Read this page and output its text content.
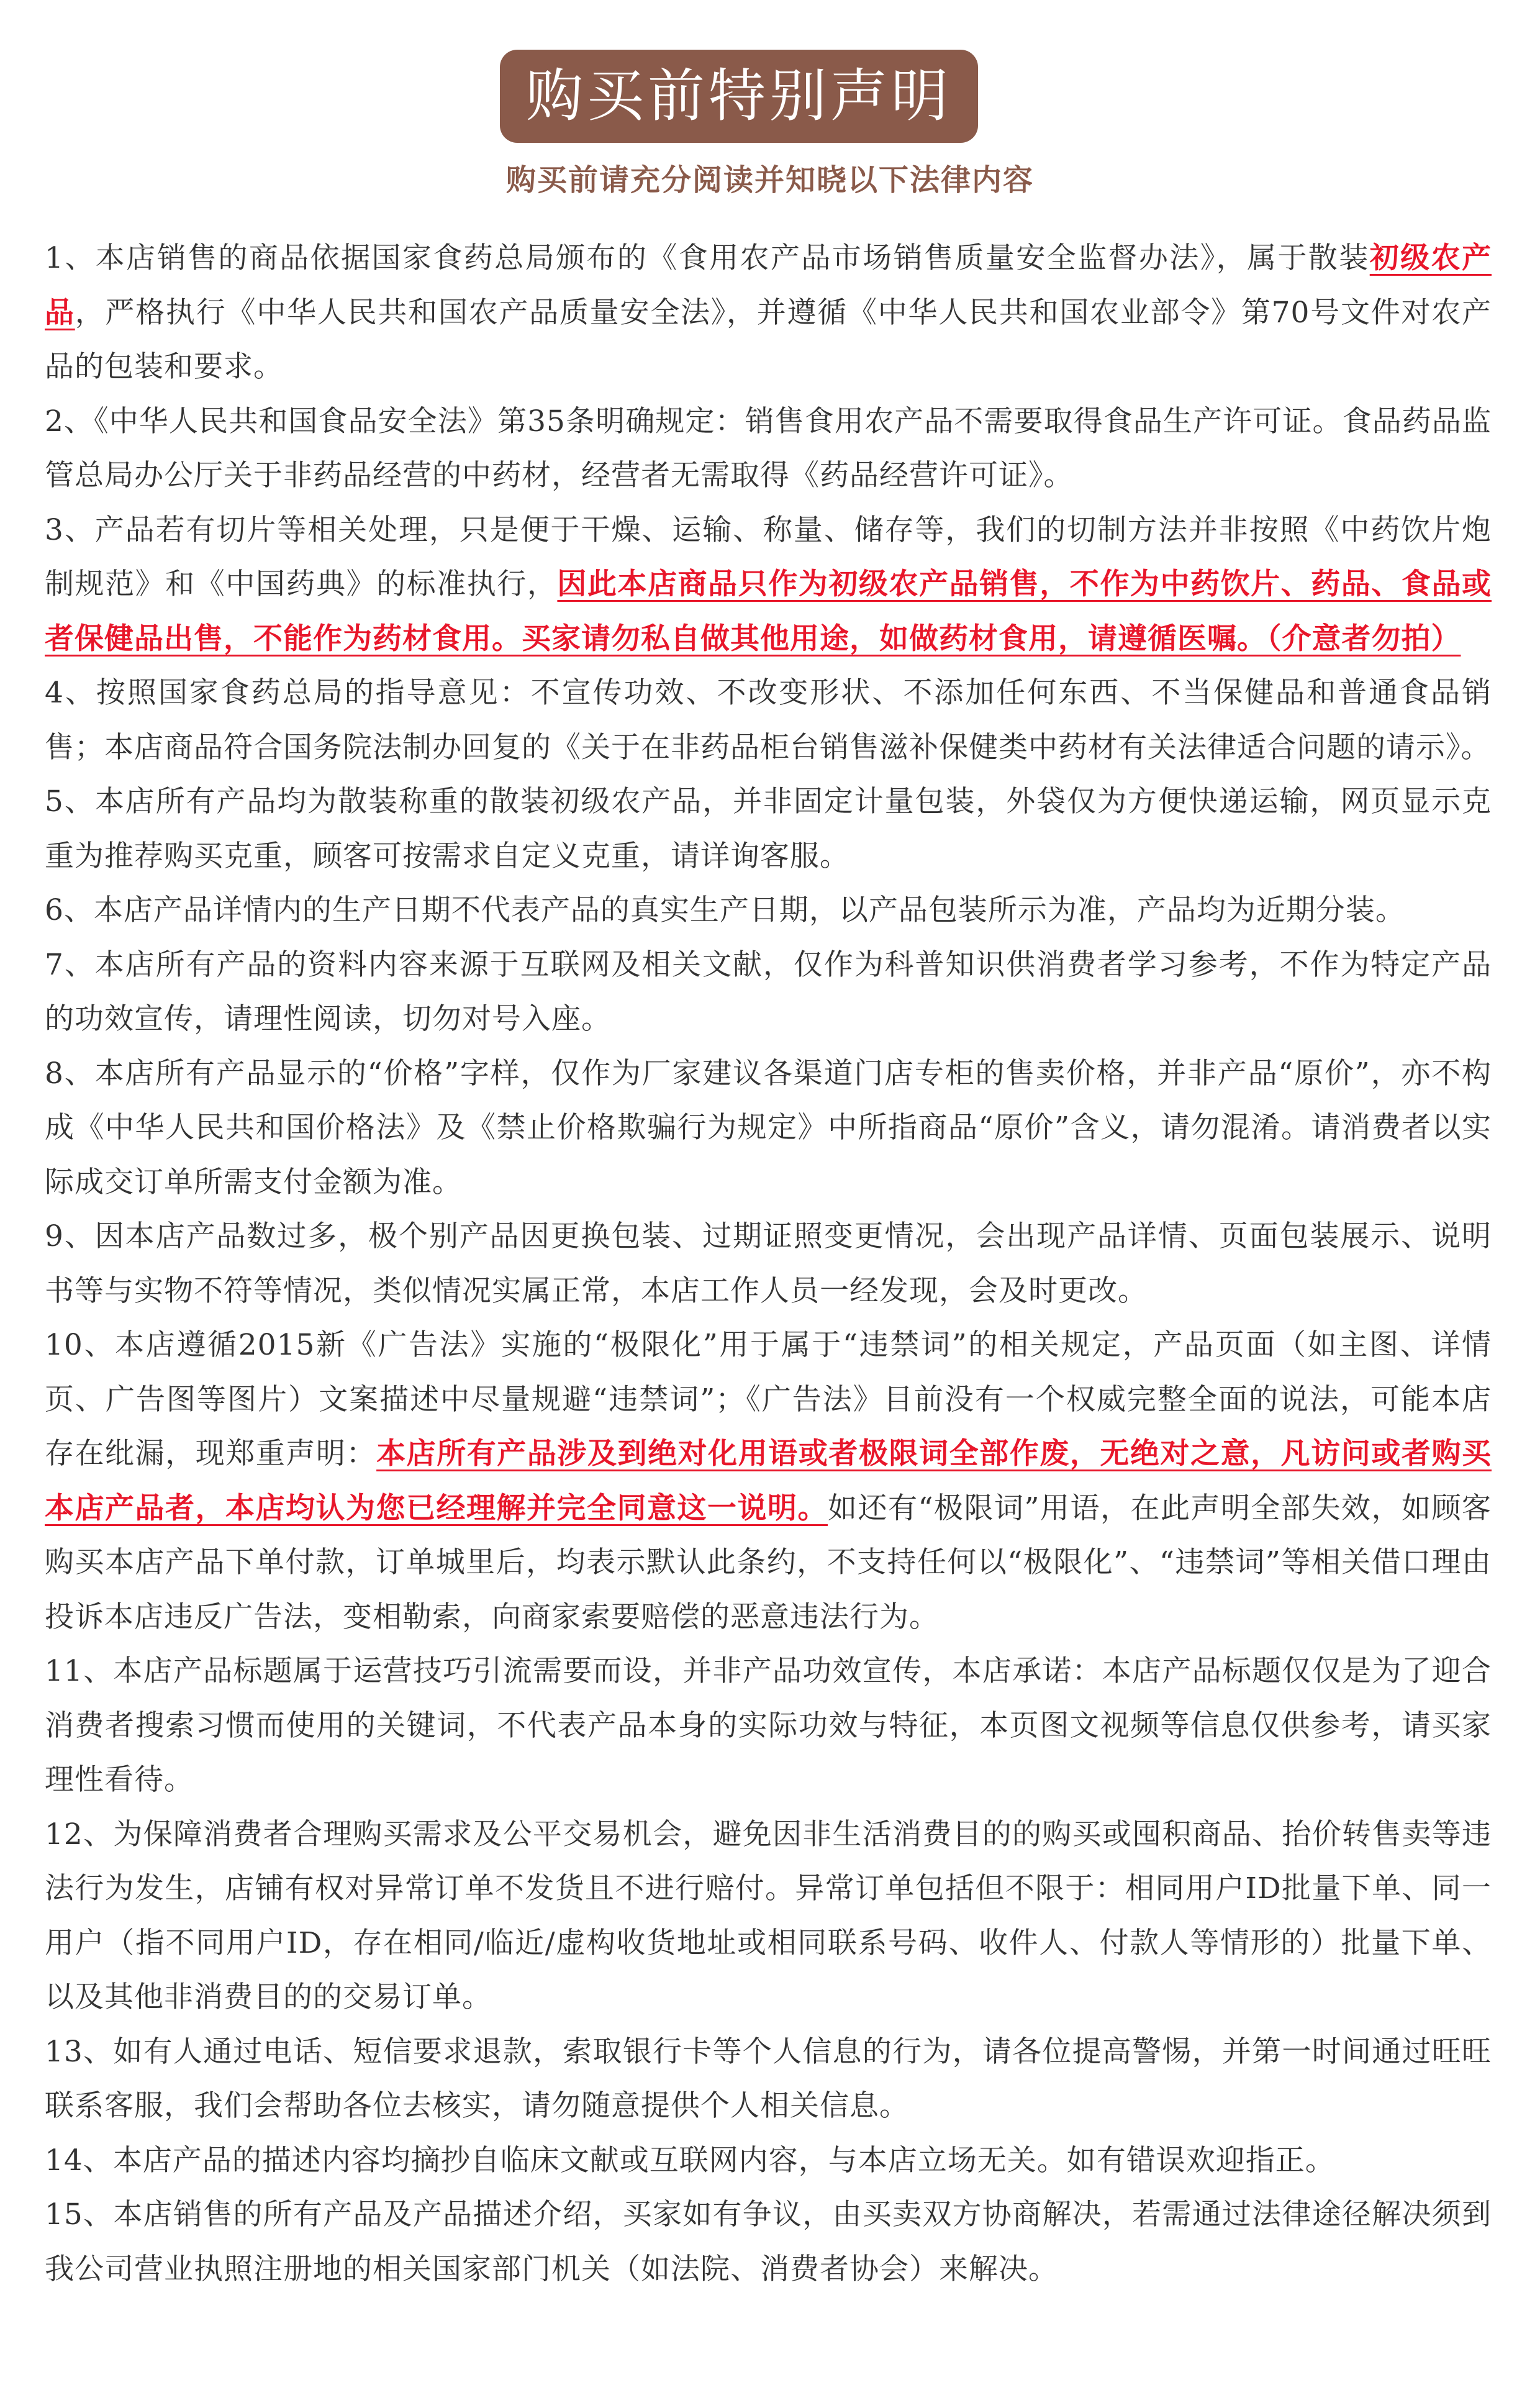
购买前特别声明
购买前请充分阅读并知晓以下法律内容

1、本店销售的商品依据国家食药总局颁布的《食用农产品市场销售质量安全监督办法》，属于散装初级农产品，严格执行《中华人民共和国农产品质量安全法》，并遵循《中华人民共和国农业部令》第70号文件对农产品的包装和要求。

2、《中华人民共和国食品安全法》第35条明确规定：销售食用农产品不需要取得食品生产许可证。食品药品监管总局办公厅关于非药品经营的中药材，经营者无需取得《药品经营许可证》。

3、产品若有切片等相关处理，只是便于干燥、运输、称量、储存等，我们的切制方法并非按照《中药饮片炮制规范》和《中国药典》的标准执行，因此本店商品只作为初级农产品销售，不作为中药饮片、药品、食品或者保健品出售，不能作为药材食用。买家请勿私自做其他用途，如做药材食用，请遵循医嘱。（介意者勿拍）

4、按照国家食药总局的指导意见：不宣传功效、不改变形状、不添加任何东西、不当保健品和普通食品销售；本店商品符合国务院法制办回复的《关于在非药品柜台销售滋补保健类中药材有关法律适合问题的请示》。

5、本店所有产品均为散装称重的散装初级农产品，并非固定计量包装，外袋仅为方便快递运输，网页显示克重为推荐购买克重，顾客可按需求自定义克重，请详询客服。

6、本店产品详情内的生产日期不代表产品的真实生产日期，以产品包装所示为准，产品均为近期分装。

7、本店所有产品的资料内容来源于互联网及相关文献，仅作为科普知识供消费者学习参考，不作为特定产品的功效宣传，请理性阅读，切勿对号入座。

8、本店所有产品显示的“价格”字样，仅作为厂家建议各渠道门店专柜的售卖价格，并非产品“原价”，亦不构成《中华人民共和国价格法》及《禁止价格欺骗行为规定》中所指商品“原价”含义，请勿混淆。请消费者以实际成交订单所需支付金额为准。

9、因本店产品数过多，极个别产品因更换包装、过期证照变更情况，会出现产品详情、页面包装展示、说明书等与实物不符等情况，类似情况实属正常，本店工作人员一经发现，会及时更改。

10、本店遵循2015新《广告法》实施的“极限化”用于属于“违禁词”的相关规定，产品页面（如主图、详情页、广告图等图片）文案描述中尽量规避“违禁词”；《广告法》目前没有一个权威完整全面的说法，可能本店存在纰漏，现郑重声明：本店所有产品涉及到绝对化用语或者极限词全部作废，无绝对之意，凡访问或者购买本店产品者，本店均认为您已经理解并完全同意这一说明。如还有“极限词”用语，在此声明全部失效，如顾客购买本店产品下单付款，订单城里后，均表示默认此条约，不支持任何以“极限化”、“违禁词”等相关借口理由投诉本店违反广告法，变相勒索，向商家索要赔偿的恶意违法行为。

11、本店产品标题属于运营技巧引流需要而设，并非产品功效宣传，本店承诺：本店产品标题仅仅是为了迎合消费者搜索习惯而使用的关键词，不代表产品本身的实际功效与特征，本页图文视频等信息仅供参考，请买家理性看待。

12、为保障消费者合理购买需求及公平交易机会，避免因非生活消费目的的购买或囤积商品、抬价转售卖等违法行为发生，店铺有权对异常订单不发货且不进行赔付。异常订单包括但不限于：相同用户ID批量下单、同一用户（指不同用户ID，存在相同/临近/虚构收货地址或相同联系号码、收件人、付款人等情形的）批量下单、以及其他非消费目的的交易订单。

13、如有人通过电话、短信要求退款，索取银行卡等个人信息的行为，请各位提高警惕，并第一时间通过旺旺联系客服，我们会帮助各位去核实，请勿随意提供个人相关信息。

14、本店产品的描述内容均摘抄自临床文献或互联网内容，与本店立场无关。如有错误欢迎指正。

15、本店销售的所有产品及产品描述介绍，买家如有争议，由买卖双方协商解决，若需通过法律途径解决须到我公司营业执照注册地的相关国家部门机关（如法院、消费者协会）来解决。
